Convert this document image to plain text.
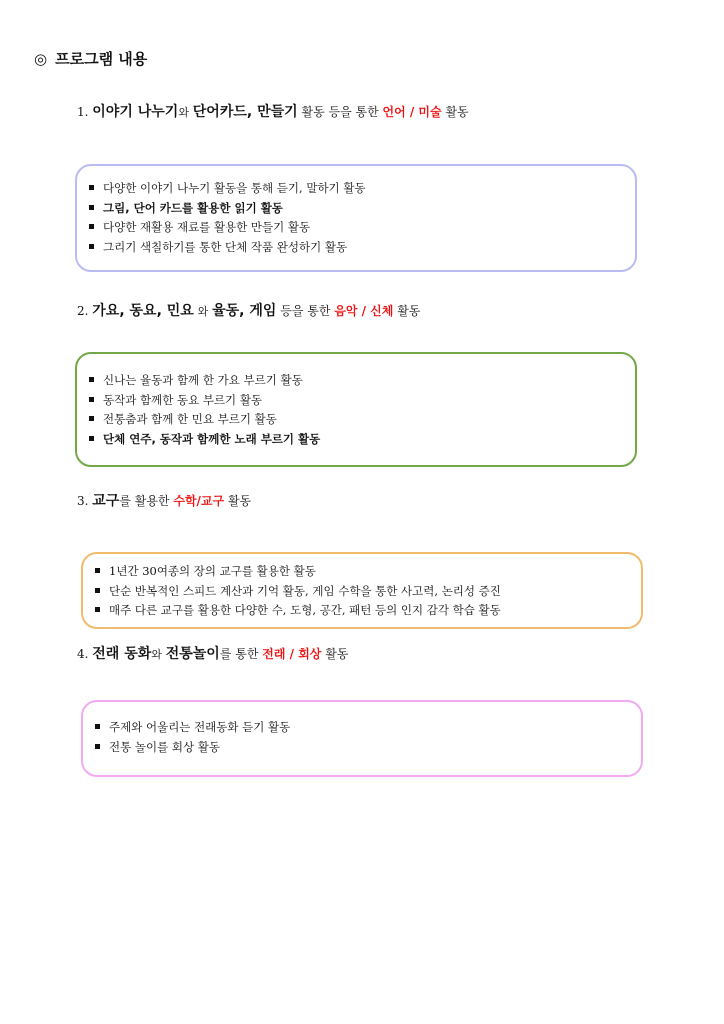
◎ 프로그램 내용
1. 이야기 나누기와 단어카드, 만들기 활동 등을 통한 언어 / 미술 활동
다양한 이야기 나누기 활동을 통해 듣기, 말하기 활동
그림, 단어 카드를 활용한 읽기 활동
다양한 재활용 재료를 활용한 만들기 활동
그리기 색칠하기를 통한 단체 작품 완성하기 활동
2. 가요, 동요, 민요 와 율동, 게임 등을 통한 음악 / 신체 활동
신나는 율동과 함께 한 가요 부르기 활동
동작과 함께한 동요 부르기 활동
전통춤과 함께 한 민요 부르기 활동
단체 연주, 동작과 함께한 노래 부르기 활동
3. 교구를 활용한 수학/교구 활동
1년간 30여종의 장의 교구를 활용한 활동
단순 반복적인 스피드 계산과 기억 활동, 게임 수학을 통한 사고력, 논리성 증진
매주 다른 교구를 활용한 다양한 수, 도형, 공간, 패턴 등의 인지 감각 학습 활동
4. 전래 동화와 전통놀이를 통한 전래 / 회상 활동
주제와 어울리는 전래동화 듣기 활동
전통 놀이를 회상 활동
